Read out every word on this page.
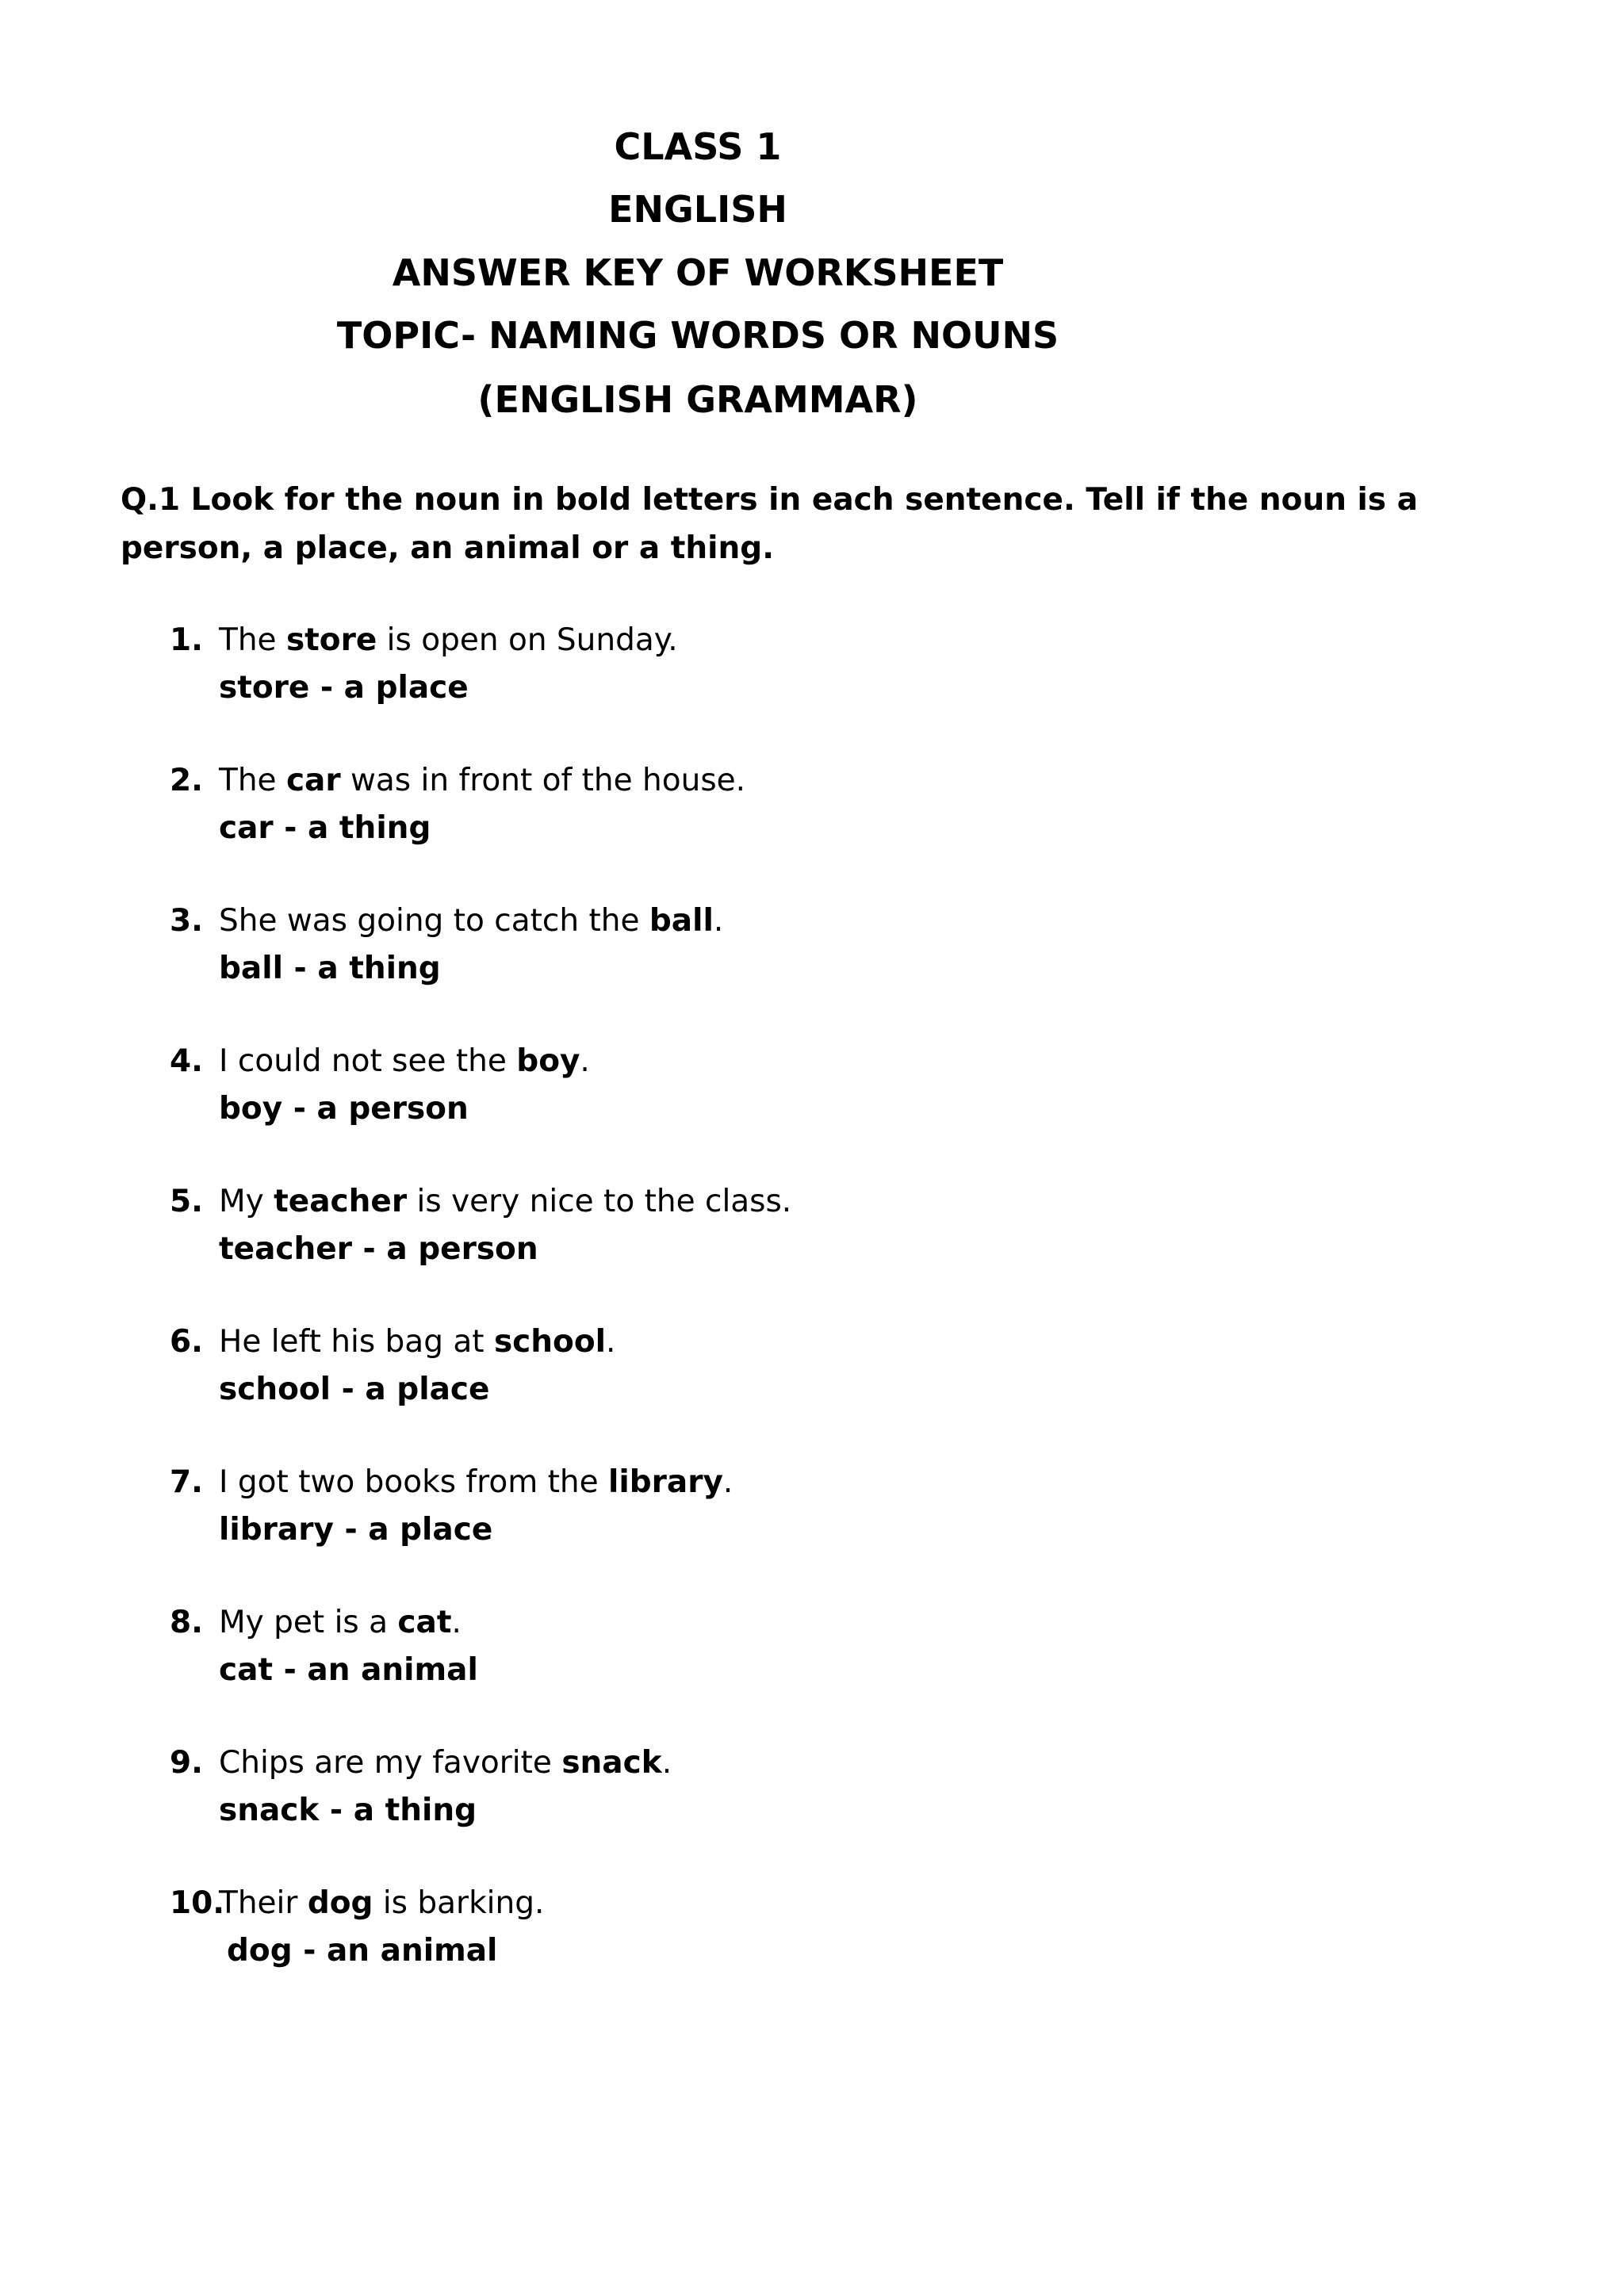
CLASS 1
ENGLISH
ANSWER KEY OF WORKSHEET
TOPIC- NAMING WORDS OR NOUNS
(ENGLISH GRAMMAR)
Q.1 Look for the noun in bold letters in each sentence. Tell if the noun is a
person, a place, an animal or a thing.
1. The store is open on Sunday.
store - a place
2. The car was in front of the house.
car - a thing
3. She was going to catch the ball.
ball - a thing
4. I could not see the boy.
boy - a person
5. My teacher is very nice to the class.
teacher - a person
6. He left his bag at school.
school - a place
7. I got two books from the library.
library - a place
8. My pet is a cat.
cat - an animal
9. Chips are my favorite snack.
snack - a thing
10.Their dog is barking.
dog - an animal
